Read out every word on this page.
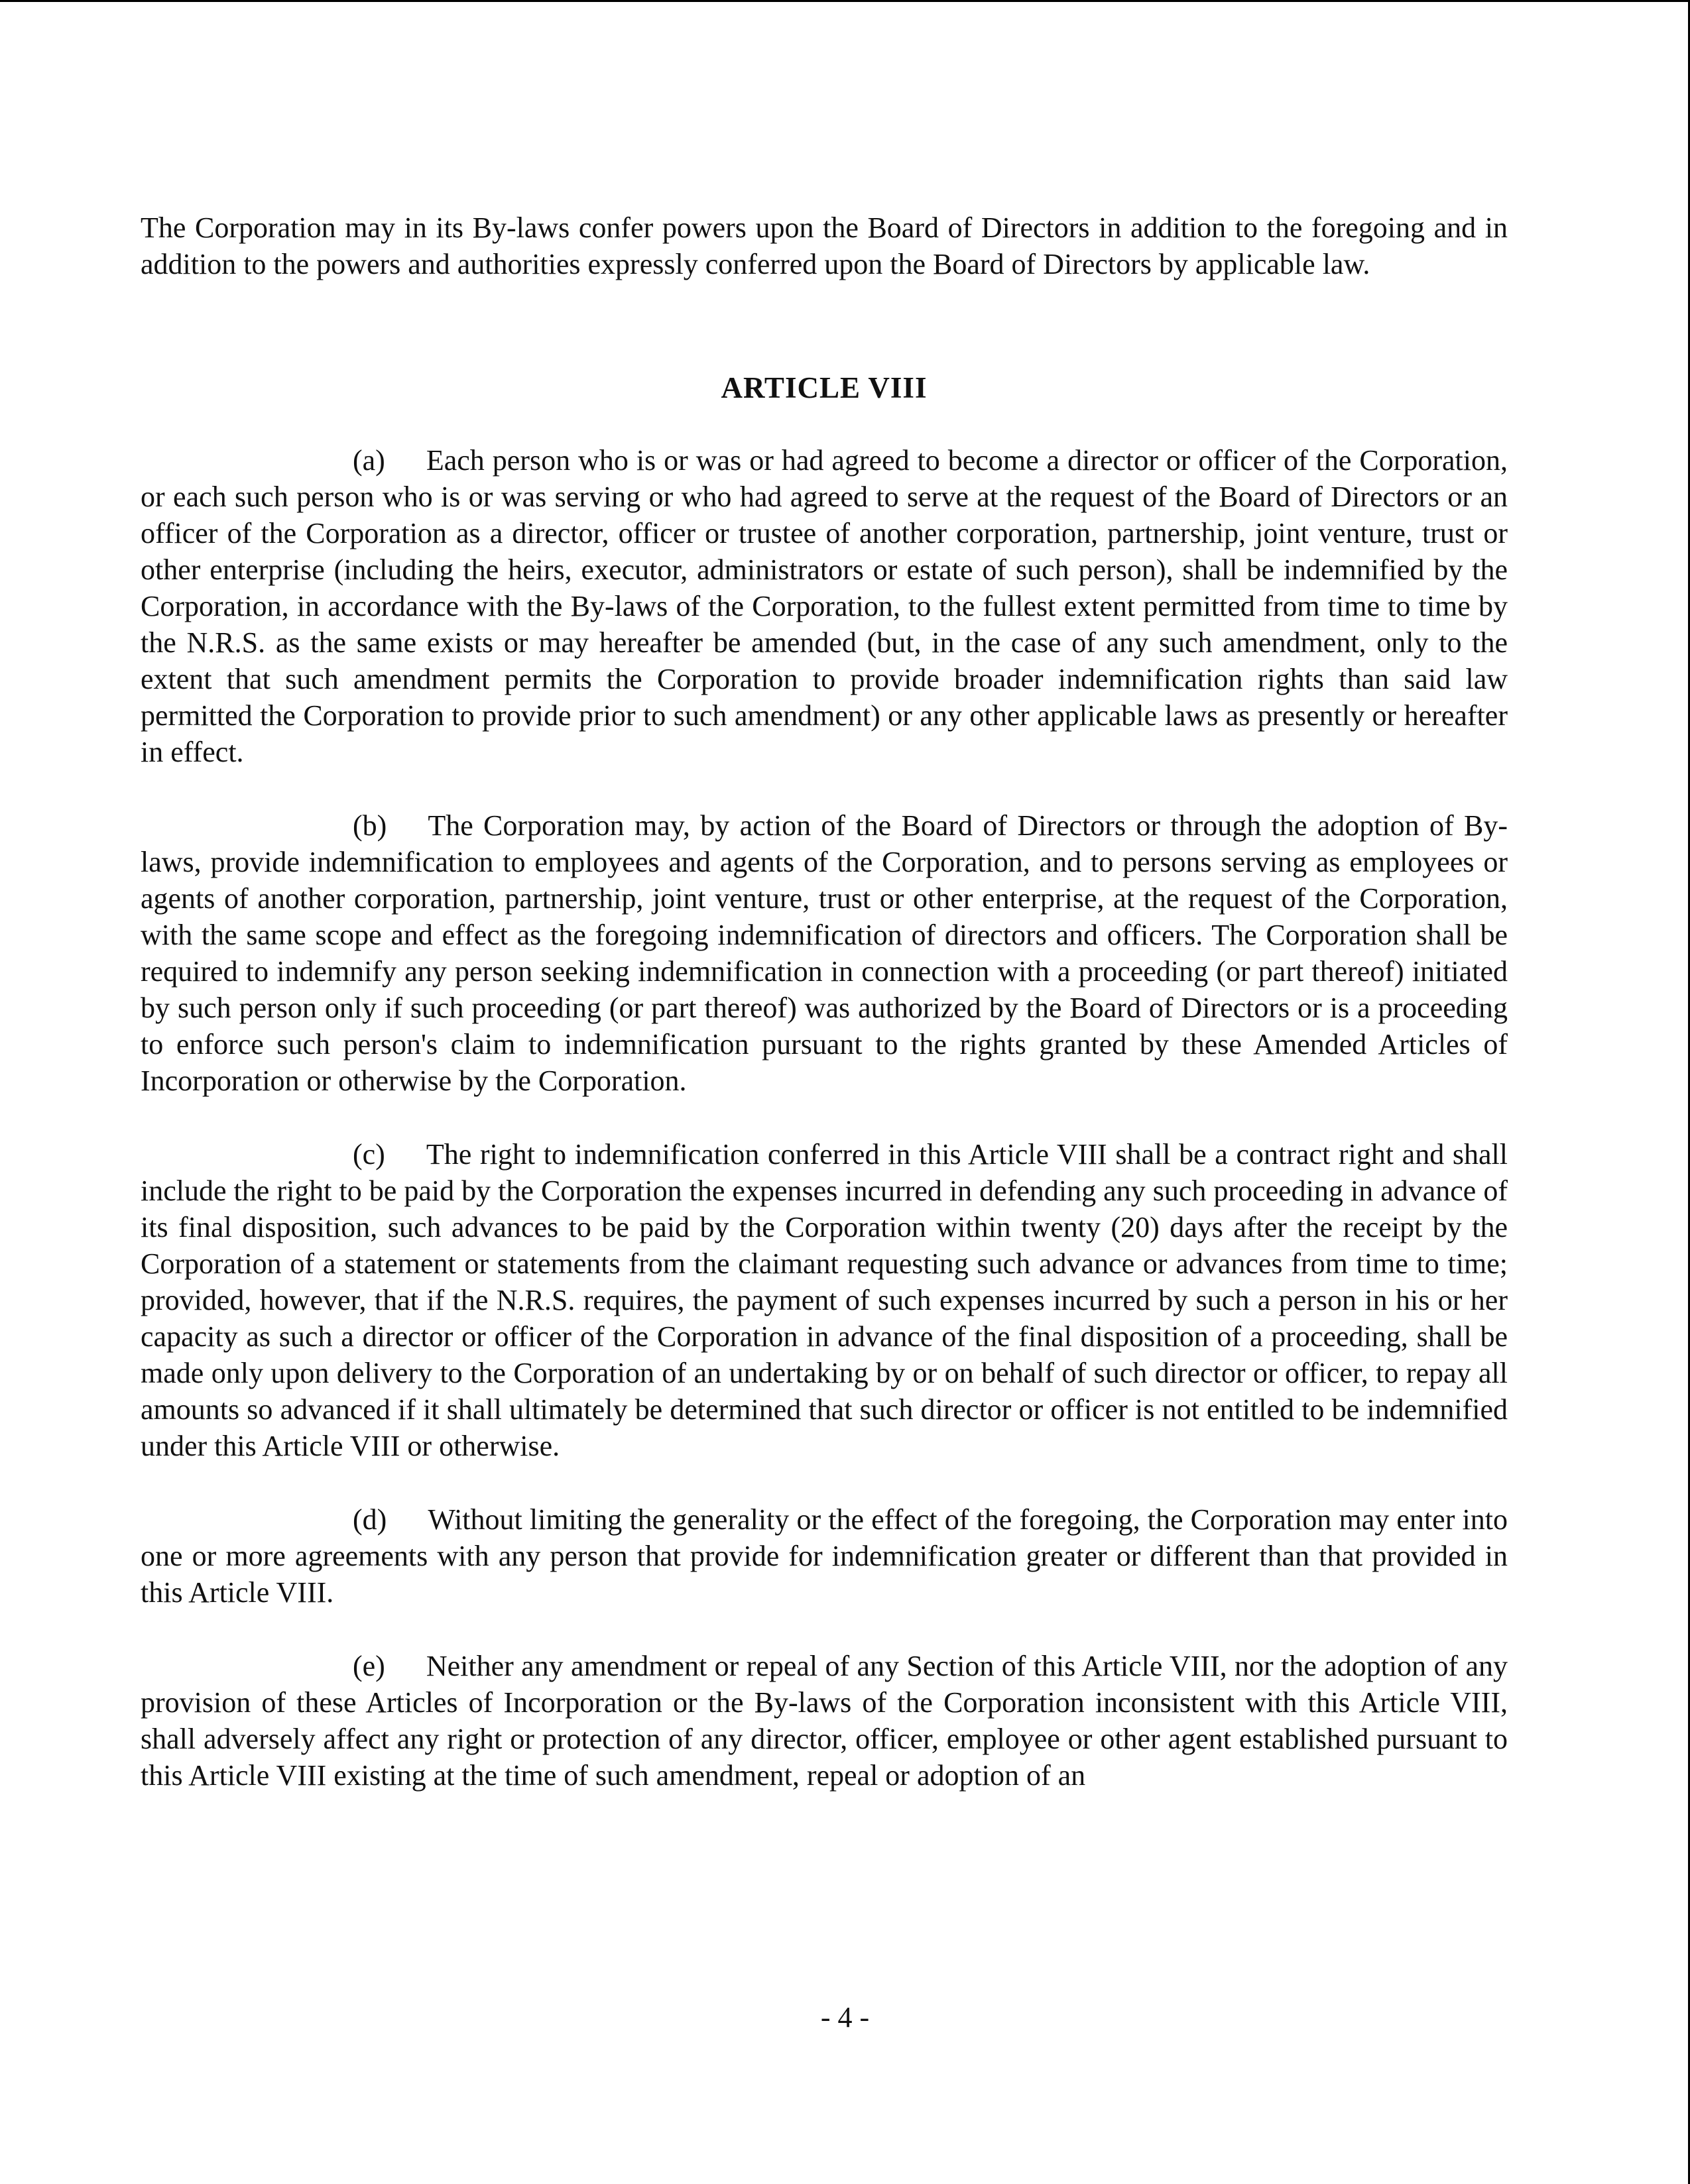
The Corporation may in its By-laws confer powers upon the Board of Directors in addition to the foregoing and in addition to the powers and authorities expressly conferred upon the Board of Directors by applicable law.

ARTICLE VIII

(a) Each person who is or was or had agreed to become a director or officer of the Corporation, or each such person who is or was serving or who had agreed to serve at the request of the Board of Directors or an officer of the Corporation as a director, officer or trustee of another corporation, partnership, joint venture, trust or other enterprise (including the heirs, executor, administrators or estate of such person), shall be indemnified by the Corporation, in accordance with the By-laws of the Corporation, to the fullest extent permitted from time to time by the N.R.S. as the same exists or may hereafter be amended (but, in the case of any such amendment, only to the extent that such amendment permits the Corporation to provide broader indemnification rights than said law permitted the Corporation to provide prior to such amendment) or any other applicable laws as presently or hereafter in effect.

(b) The Corporation may, by action of the Board of Directors or through the adoption of By-laws, provide indemnification to employees and agents of the Corporation, and to persons serving as employees or agents of another corporation, partnership, joint venture, trust or other enterprise, at the request of the Corporation, with the same scope and effect as the foregoing indemnification of directors and officers. The Corporation shall be required to indemnify any person seeking indemnification in connection with a proceeding (or part thereof) initiated by such person only if such proceeding (or part thereof) was authorized by the Board of Directors or is a proceeding to enforce such person's claim to indemnification pursuant to the rights granted by these Amended Articles of Incorporation or otherwise by the Corporation.

(c) The right to indemnification conferred in this Article VIII shall be a contract right and shall include the right to be paid by the Corporation the expenses incurred in defending any such proceeding in advance of its final disposition, such advances to be paid by the Corporation within twenty (20) days after the receipt by the Corporation of a statement or statements from the claimant requesting such advance or advances from time to time; provided, however, that if the N.R.S. requires, the payment of such expenses incurred by such a person in his or her capacity as such a director or officer of the Corporation in advance of the final disposition of a proceeding, shall be made only upon delivery to the Corporation of an undertaking by or on behalf of such director or officer, to repay all amounts so advanced if it shall ultimately be determined that such director or officer is not entitled to be indemnified under this Article VIII or otherwise.

(d) Without limiting the generality or the effect of the foregoing, the Corporation may enter into one or more agreements with any person that provide for indemnification greater or different than that provided in this Article VIII.

(e) Neither any amendment or repeal of any Section of this Article VIII, nor the adoption of any provision of these Articles of Incorporation or the By-laws of the Corporation inconsistent with this Article VIII, shall adversely affect any right or protection of any director, officer, employee or other agent established pursuant to this Article VIII existing at the time of such amendment, repeal or adoption of an

- 4 -
